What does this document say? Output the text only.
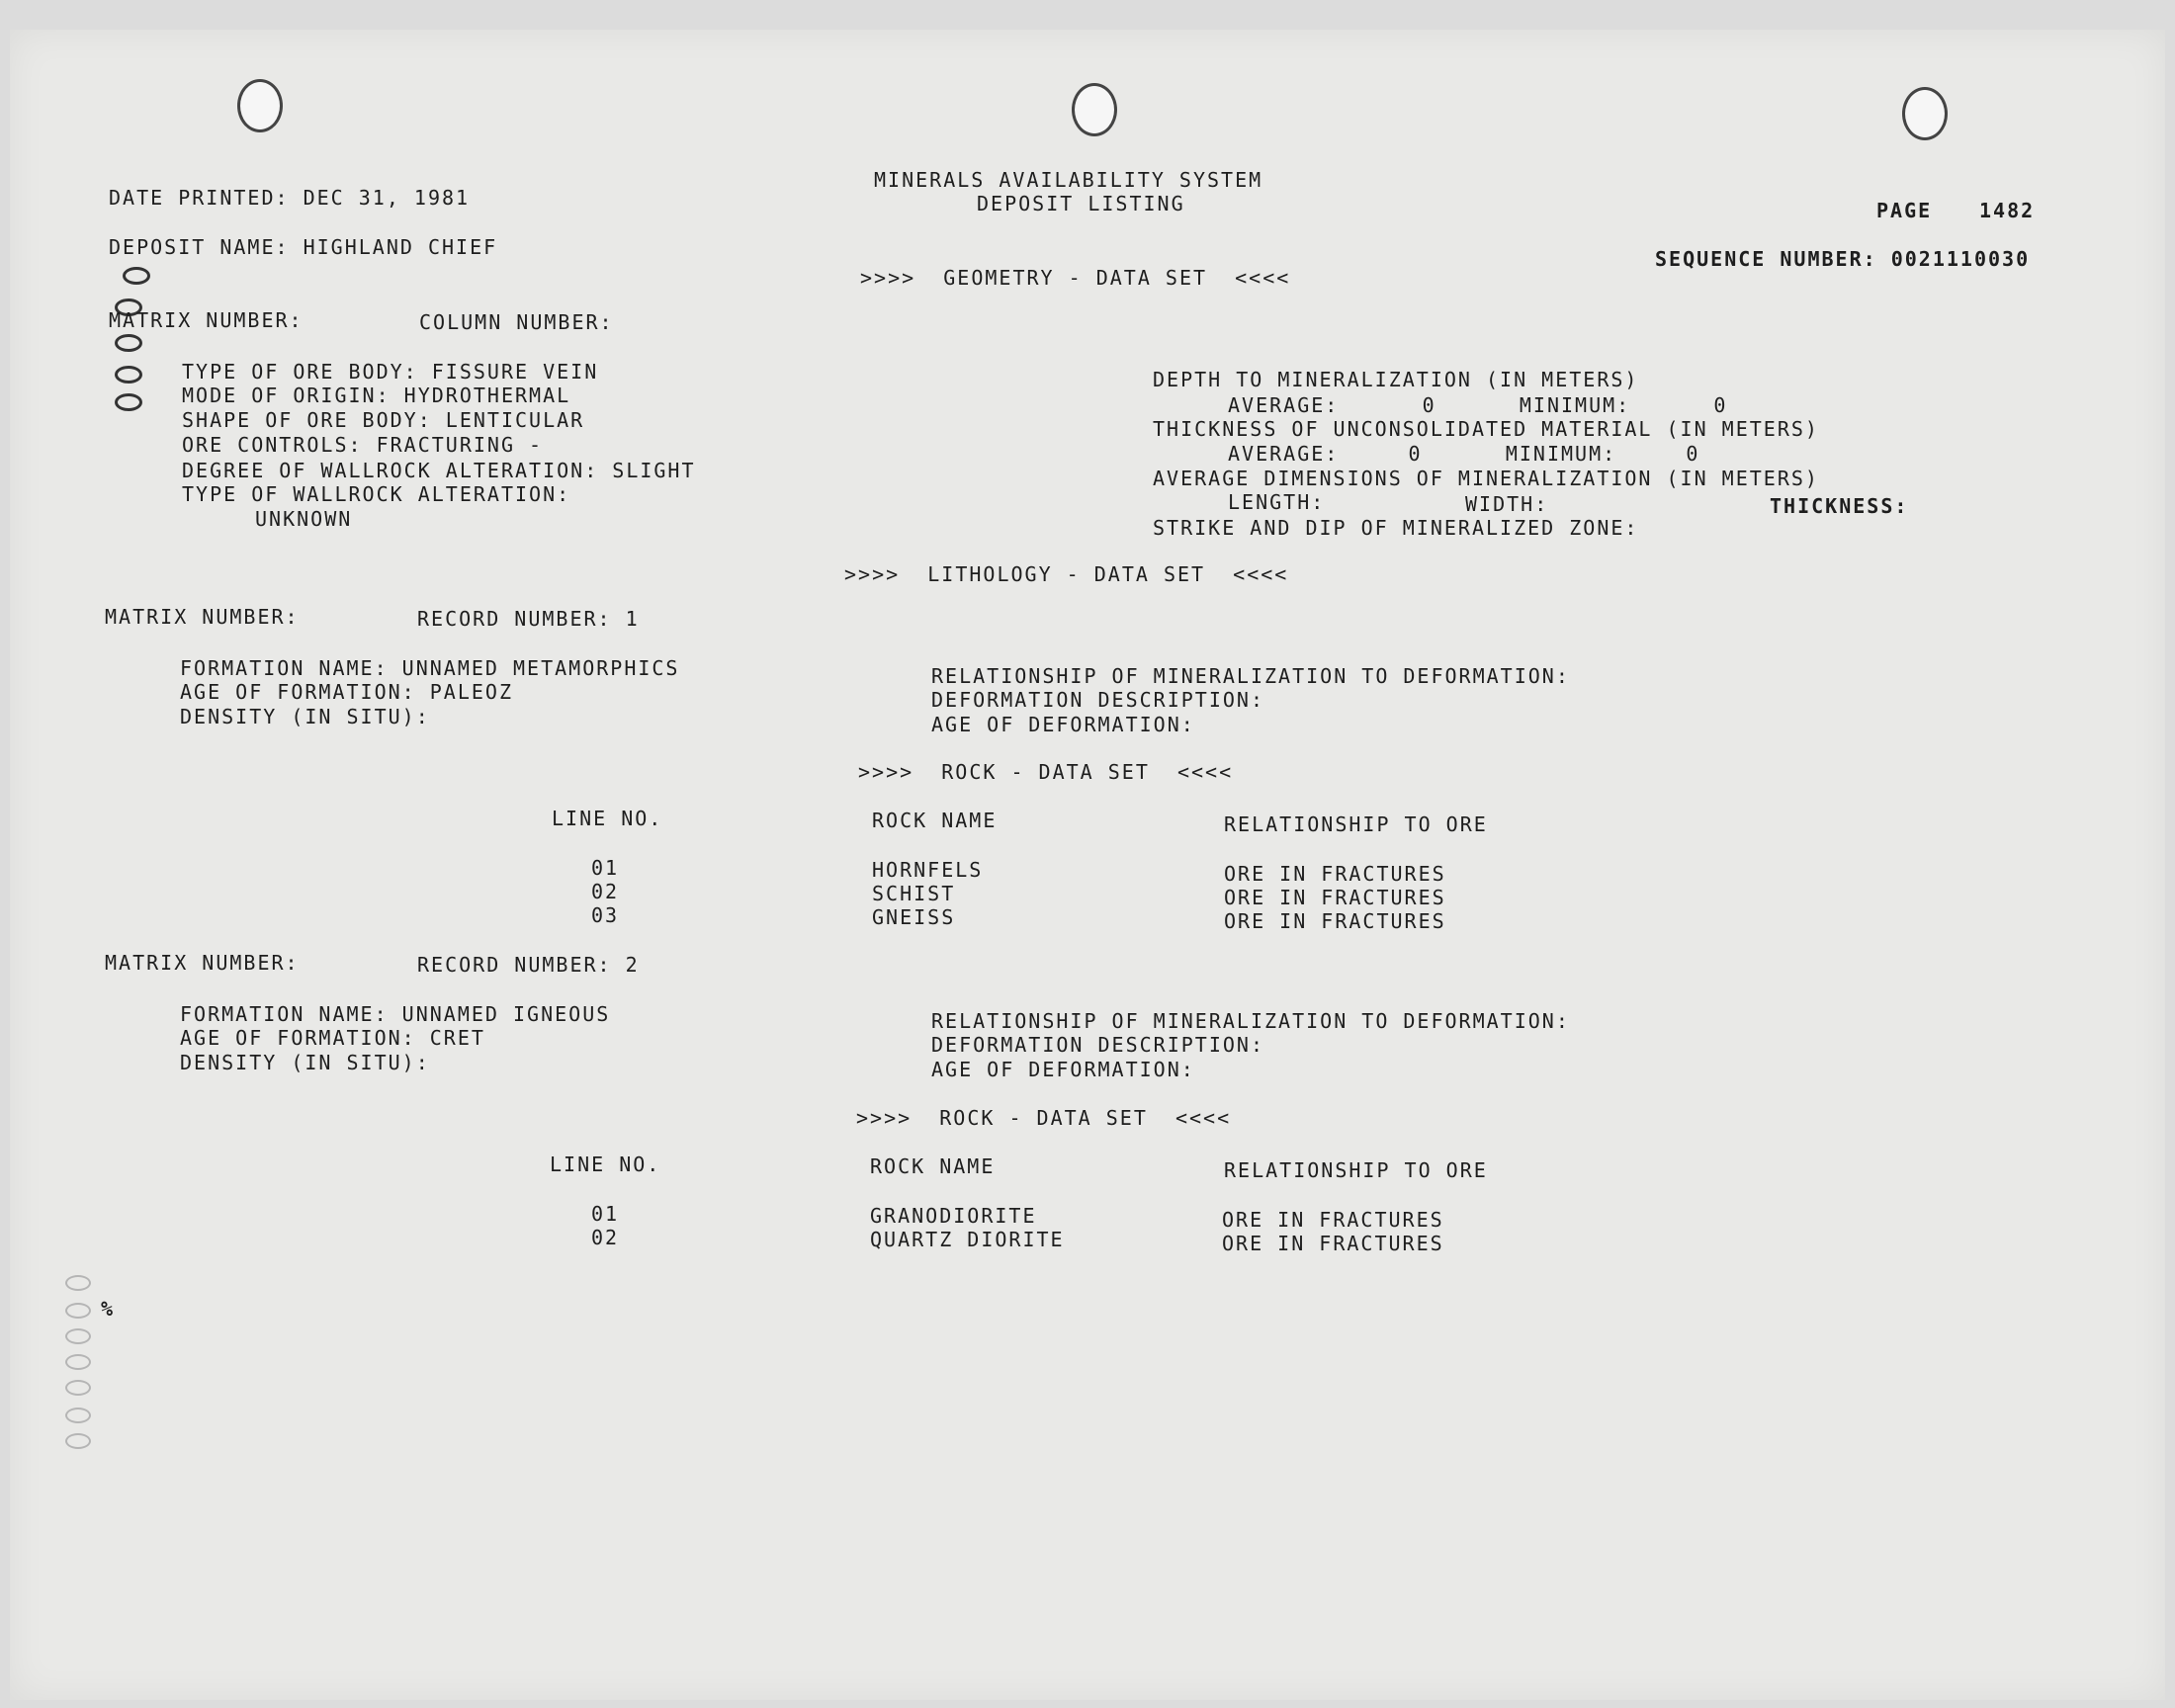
%
DATE PRINTED: DEC 31, 1981
MINERALS AVAILABILITY SYSTEM
DEPOSIT LISTING	PAGE 1482
DEPOSIT NAME: HIGHLAND CHIEF	SEQUENCE NUMBER: 0021110030
>>>>  GEOMETRY - DATA SET  <<<<
MATRIX NUMBER:	COLUMN NUMBER:
TYPE OF ORE BODY: FISSURE VEIN
MODE OF ORIGIN: HYDROTHERMAL
SHAPE OF ORE BODY: LENTICULAR
ORE CONTROLS: FRACTURING -
DEGREE OF WALLROCK ALTERATION: SLIGHT
TYPE OF WALLROCK ALTERATION:
UNKNOWN
DEPTH TO MINERALIZATION (IN METERS)
AVERAGE:      0      MINIMUM:      0
THICKNESS OF UNCONSOLIDATED MATERIAL (IN METERS)
AVERAGE:     0      MINIMUM:     0
AVERAGE DIMENSIONS OF MINERALIZATION (IN METERS)
LENGTH:	WIDTH:	THICKNESS:
STRIKE AND DIP OF MINERALIZED ZONE:
>>>>  LITHOLOGY - DATA SET  <<<<
MATRIX NUMBER:	RECORD NUMBER: 1
FORMATION NAME: UNNAMED METAMORPHICS
AGE OF FORMATION: PALEOZ
DENSITY (IN SITU):
RELATIONSHIP OF MINERALIZATION TO DEFORMATION:
DEFORMATION DESCRIPTION:
AGE OF DEFORMATION:
>>>>  ROCK - DATA SET  <<<<
LINE NO.	ROCK NAME	RELATIONSHIP TO ORE
01	HORNFELS	ORE IN FRACTURES
02	SCHIST	ORE IN FRACTURES
03	GNEISS	ORE IN FRACTURES
MATRIX NUMBER:	RECORD NUMBER: 2
FORMATION NAME: UNNAMED IGNEOUS
AGE OF FORMATION: CRET
DENSITY (IN SITU):
RELATIONSHIP OF MINERALIZATION TO DEFORMATION:
DEFORMATION DESCRIPTION:
AGE OF DEFORMATION:
>>>>  ROCK - DATA SET  <<<<
LINE NO.	ROCK NAME	RELATIONSHIP TO ORE
01	GRANODIORITE	ORE IN FRACTURES
02	QUARTZ DIORITE	ORE IN FRACTURES
